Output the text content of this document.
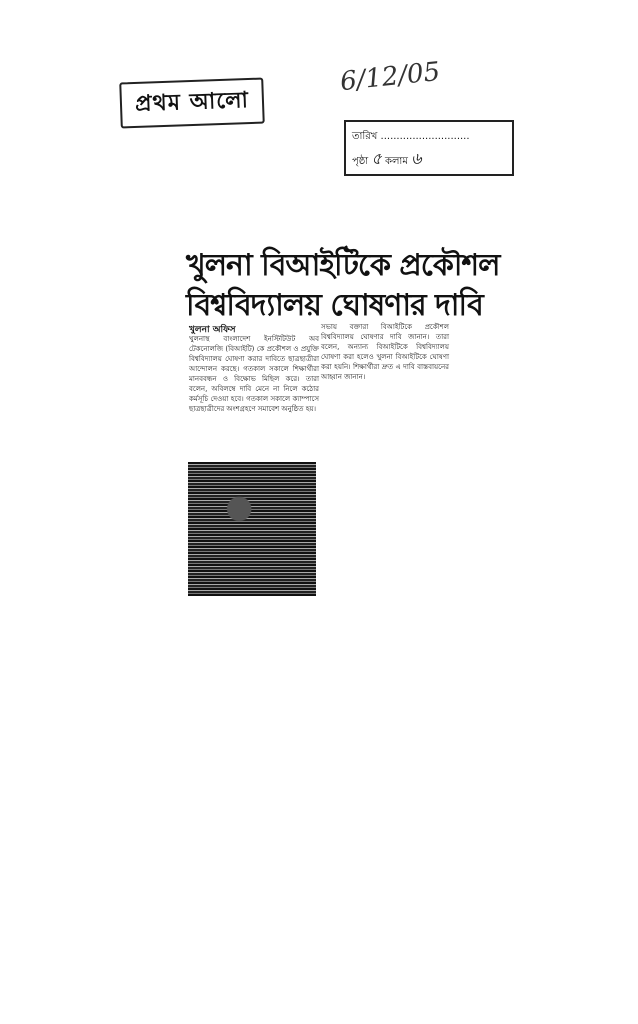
প্রথম আলো
6/12/05
তারিখ ............................
পৃষ্ঠা ৫ কলাম ৬
খুলনা বিআইটিকে প্রকৌশল
বিশ্ববিদ্যালয় ঘোষণার দাবি
খুলনা অফিস
খুলনাস্থ বাংলাদেশ ইনস্টিটিউট অব টেকনোলজি (বিআইটি) কে প্রকৌশল ও প্রযুক্তি বিশ্ববিদ্যালয় ঘোষণা করার দাবিতে ছাত্রছাত্রীরা আন্দোলন করছে। গতকাল সকালে শিক্ষার্থীরা মানববন্ধন ও বিক্ষোভ মিছিল করে। তারা বলেন, অবিলম্বে দাবি মেনে না নিলে কঠোর কর্মসূচি দেওয়া হবে। গতকাল সকালে ক্যাম্পাসে ছাত্রছাত্রীদের অংশগ্রহণে সমাবেশ অনুষ্ঠিত হয়।
সভায় বক্তারা বিআইটিকে প্রকৌশল বিশ্ববিদ্যালয় ঘোষণার দাবি জানান। তারা বলেন, অন্যান্য বিআইটিকে বিশ্ববিদ্যালয় ঘোষণা করা হলেও খুলনা বিআইটিকে ঘোষণা করা হয়নি। শিক্ষার্থীরা দ্রুত এ দাবি বাস্তবায়নের আহ্বান জানান।
